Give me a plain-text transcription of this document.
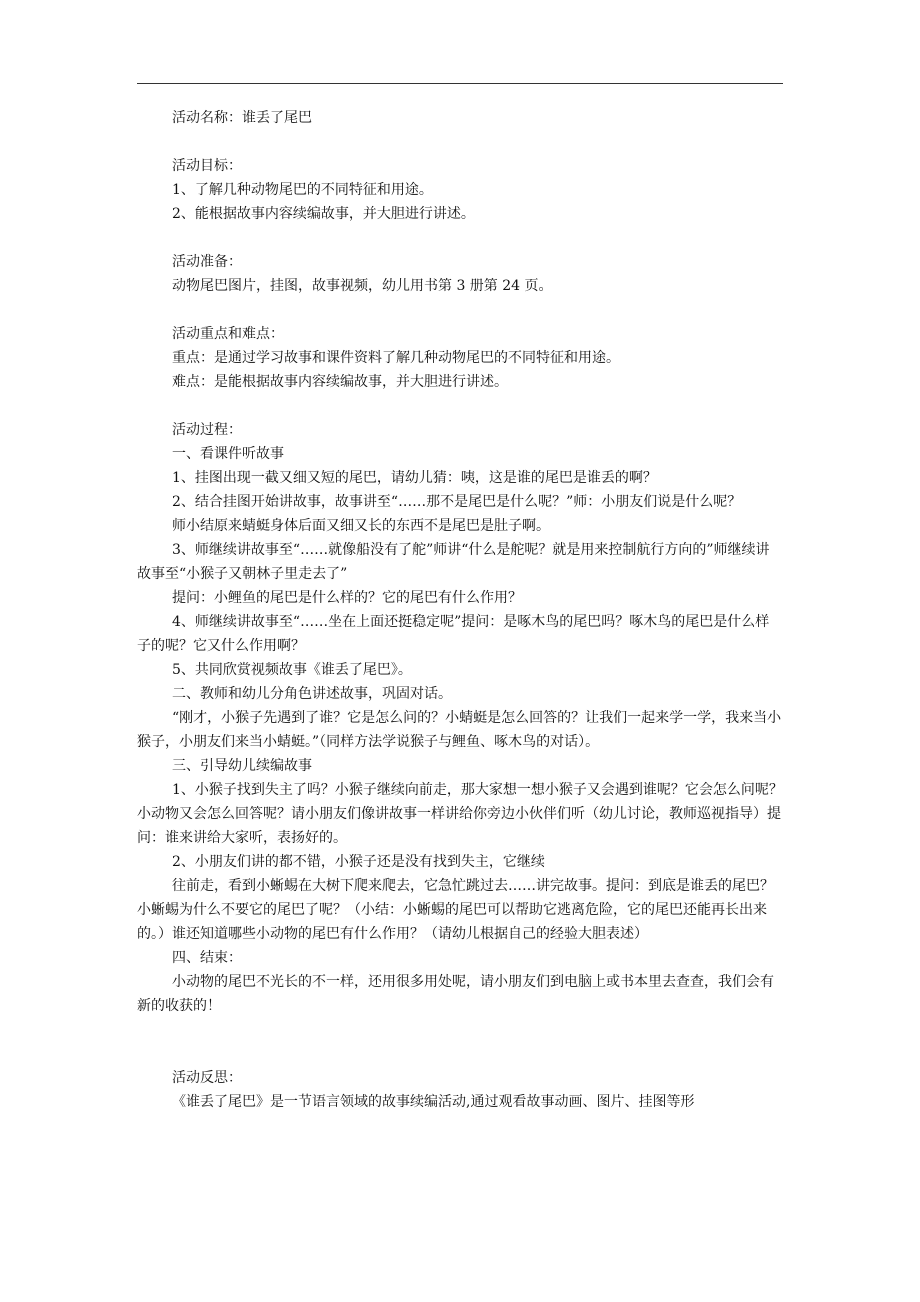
活动名称：谁丢了尾巴

活动目标：

1、了解几种动物尾巴的不同特征和用途。

2、能根据故事内容续编故事，并大胆进行讲述。

活动准备：

动物尾巴图片，挂图，故事视频，幼儿用书第 3 册第 24 页。

活动重点和难点：

重点：是通过学习故事和课件资料了解几种动物尾巴的不同特征和用途。

难点：是能根据故事内容续编故事，并大胆进行讲述。

活动过程：

一、看课件听故事

1、挂图出现一截又细又短的尾巴，请幼儿猜：咦，这是谁的尾巴是谁丢的啊？

2、结合挂图开始讲故事，故事讲至“……那不是尾巴是什么呢？”师：小朋友们说是什么呢？

师小结原来蜻蜓身体后面又细又长的东西不是尾巴是肚子啊。

3、师继续讲故事至“……就像船没有了舵”师讲“什么是舵呢？就是用来控制航行方向的”师继续讲故事至“小猴子又朝林子里走去了”

提问：小鲤鱼的尾巴是什么样的？它的尾巴有什么作用？

4、师继续讲故事至“……坐在上面还挺稳定呢”提问：是啄木鸟的尾巴吗？啄木鸟的尾巴是什么样子的呢？它又什么作用啊？

5、共同欣赏视频故事《谁丢了尾巴》。

二、教师和幼儿分角色讲述故事，巩固对话。

“刚才，小猴子先遇到了谁？它是怎么问的？小蜻蜓是怎么回答的？让我们一起来学一学，我来当小猴子，小朋友们来当小蜻蜓。”（同样方法学说猴子与鲤鱼、啄木鸟的对话）。

三、引导幼儿续编故事

1、小猴子找到失主了吗？小猴子继续向前走，那大家想一想小猴子又会遇到谁呢？它会怎么问呢？小动物又会怎么回答呢？请小朋友们像讲故事一样讲给你旁边小伙伴们听（幼儿讨论，教师巡视指导）提问：谁来讲给大家听，表扬好的。

2、小朋友们讲的都不错，小猴子还是没有找到失主，它继续

往前走，看到小蜥蜴在大树下爬来爬去，它急忙跳过去……讲完故事。提问：到底是谁丢的尾巴？小蜥蜴为什么不要它的尾巴了呢？（小结：小蜥蜴的尾巴可以帮助它逃离危险，它的尾巴还能再长出来的。）谁还知道哪些小动物的尾巴有什么作用？（请幼儿根据自己的经验大胆表述）

四、结束：

小动物的尾巴不光长的不一样，还用很多用处呢，请小朋友们到电脑上或书本里去查查，我们会有新的收获的！

活动反思：

《谁丢了尾巴》是一节语言领域的故事续编活动,通过观看故事动画、图片、挂图等形
